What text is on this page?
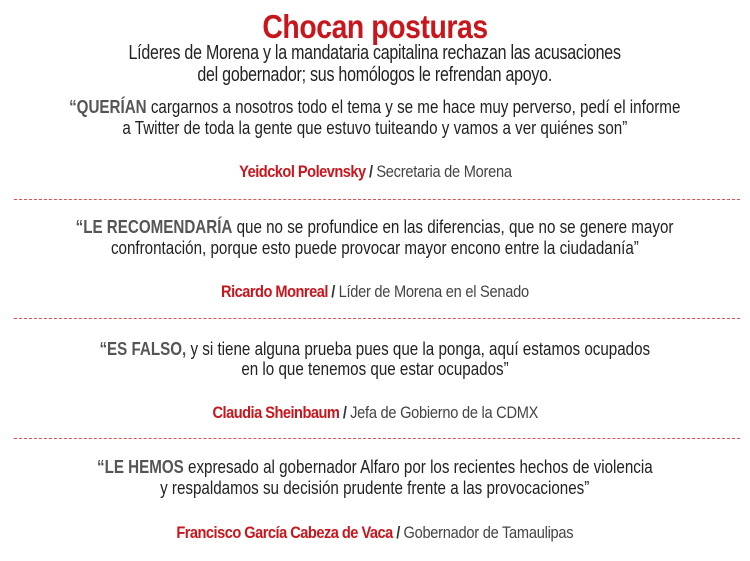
Chocan posturas
Líderes de Morena y la mandataria capitalina rechazan las acusaciones
del gobernador; sus homólogos le refrendan apoyo.
“QUERÍAN cargarnos a nosotros todo el tema y se me hace muy perverso, pedí el informe
a Twitter de toda la gente que estuvo tuiteando y vamos a ver quiénes son”
Yeidckol Polevnsky / Secretaria de Morena
“LE RECOMENDARÍA que no se profundice en las diferencias, que no se genere mayor
confrontación, porque esto puede provocar mayor encono entre la ciudadanía”
Ricardo Monreal / Líder de Morena en el Senado
“ES FALSO, y si tiene alguna prueba pues que la ponga, aquí estamos ocupados
en lo que tenemos que estar ocupados”
Claudia Sheinbaum / Jefa de Gobierno de la CDMX
“LE HEMOS expresado al gobernador Alfaro por los recientes hechos de violencia
y respaldamos su decisión prudente frente a las provocaciones”
Francisco García Cabeza de Vaca / Gobernador de Tamaulipas
